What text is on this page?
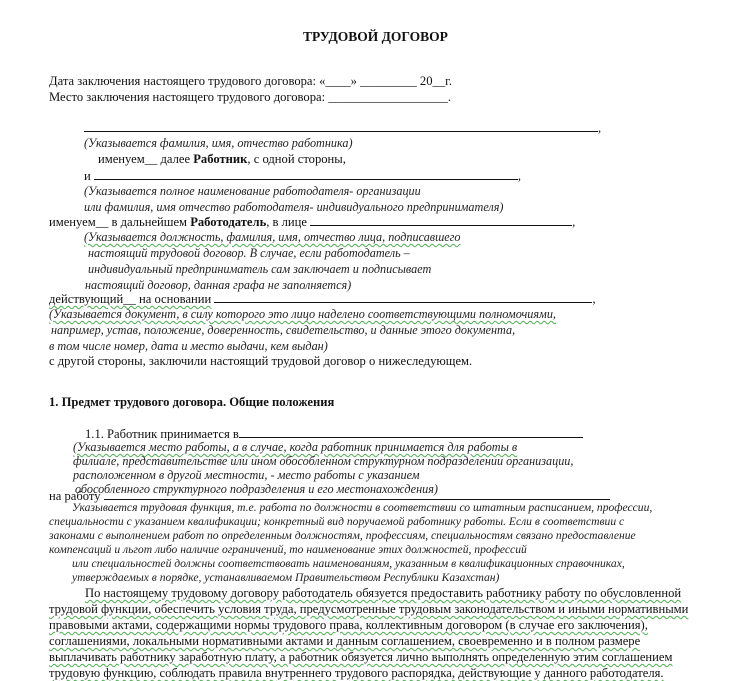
ТРУДОВОЙ ДОГОВОР
Дата заключения настоящего трудового договора: «____» _________ 20__г.
Место заключения настоящего трудового договора: ___________________.
,
(Указывается фамилия, имя, отчество работника)
именуем__ далее Работник, с одной стороны,
и	,
(Указывается полное наименование работодателя- организации
или фамилия, имя отчество работодателя- индивидуального предпринимателя)
именуем__ в дальнейшем Работодатель, в лице	,
(Указывается должность, фамилия, имя, отчество лица, подписавшего
настоящий трудовой договор. В случае, если работодатель –
индивидуальный предприниматель сам заключает и подписывает
настоящий договор, данная графа не заполняется)
действующий__ на основании	,
(Указывается документ, в силу которого это лицо наделено соответствующими полномочиями,
например, устав, положение, доверенность, свидетельство, и данные этого документа,
в том числе номер, дата и место выдачи, кем выдан)
с другой стороны, заключили настоящий трудовой договор о нижеследующем.
1. Предмет трудового договора. Общие положения
1.1. Работник принимается в
(Указывается место работы, а в случае, когда работник принимается для работы в
филиале, представительстве или ином обособленном структурном подразделении организации,
расположенном в другой местности, - место работы с указанием
обособленного структурного подразделения и его местонахождения)
на работу
Указывается трудовая функция, т.е. работа по должности в соответствии со штатным расписанием, профессии,
специальности с указанием квалификации; конкретный вид поручаемой работнику работы. Если в соответствии с
законами с выполнением работ по определенным должностям, профессиям, специальностям связано предоставление
компенсаций и льгот либо наличие ограничений, то наименование этих должностей, профессий
или специальностей должны соответствовать наименованиям, указанным в квалификационных справочниках,
утверждаемых в порядке, устанавливаемом Правительством Республики Казахстан)
По настоящему трудовому договору работодатель обязуется предоставить работнику работу по обусловленной
трудовой функции, обеспечить условия труда, предусмотренные трудовым законодательством и иными нормативными
правовыми актами, содержащими нормы трудового права, коллективным договором (в случае его заключения),
соглашениями, локальными нормативными актами и данным соглашением, своевременно и в полном размере
выплачивать работнику заработную плату, а работник обязуется лично выполнять определенную этим соглашением
трудовую функцию, соблюдать правила внутреннего трудового распорядка, действующие у данного работодателя.
